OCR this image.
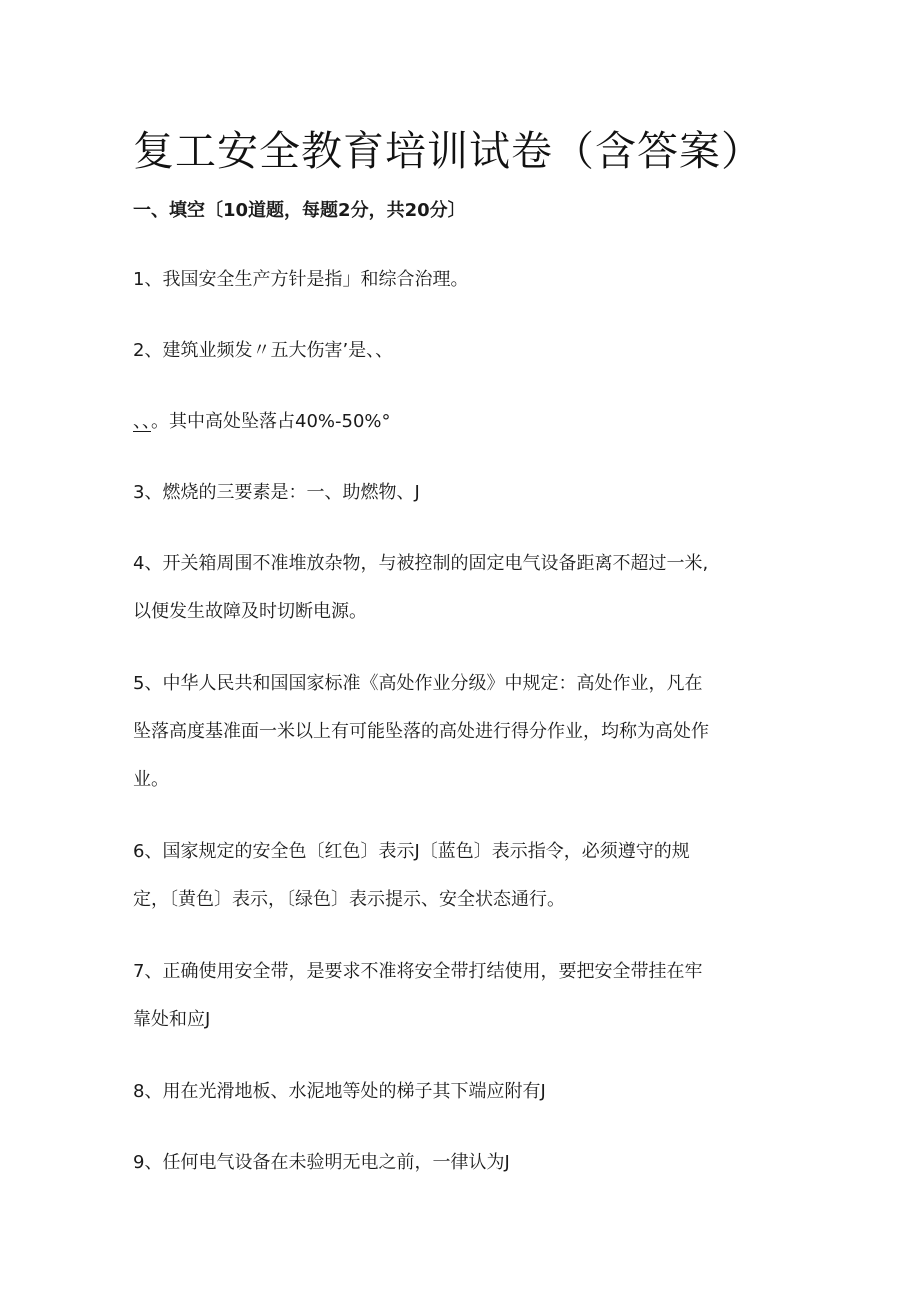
复工安全教育培训试卷（含答案）

一、填空〔10道题，每题2分，共20分〕

1、我国安全生产方针是指」和综合治理。

2、建筑业频发〃五大伤害’是、、

、、。其中高处坠落占40%-50%°

3、燃烧的三要素是：一、助燃物、J

4、开关箱周围不准堆放杂物，与被控制的固定电气设备距离不超过一米,
以便发生故障及时切断电源。

5、中华人民共和国国家标准《高处作业分级》中规定：高处作业，凡在
坠落高度基准面一米以上有可能坠落的高处进行得分作业，均称为高处作
业。

6、国家规定的安全色〔红色〕表示J〔蓝色〕表示指令，必须遵守的规
定，〔黄色〕表示，〔绿色〕表示提示、安全状态通行。

7、正确使用安全带，是要求不准将安全带打结使用，要把安全带挂在牢
靠处和应J

8、用在光滑地板、水泥地等处的梯子其下端应附有J

9、任何电气设备在未验明无电之前，一律认为J
